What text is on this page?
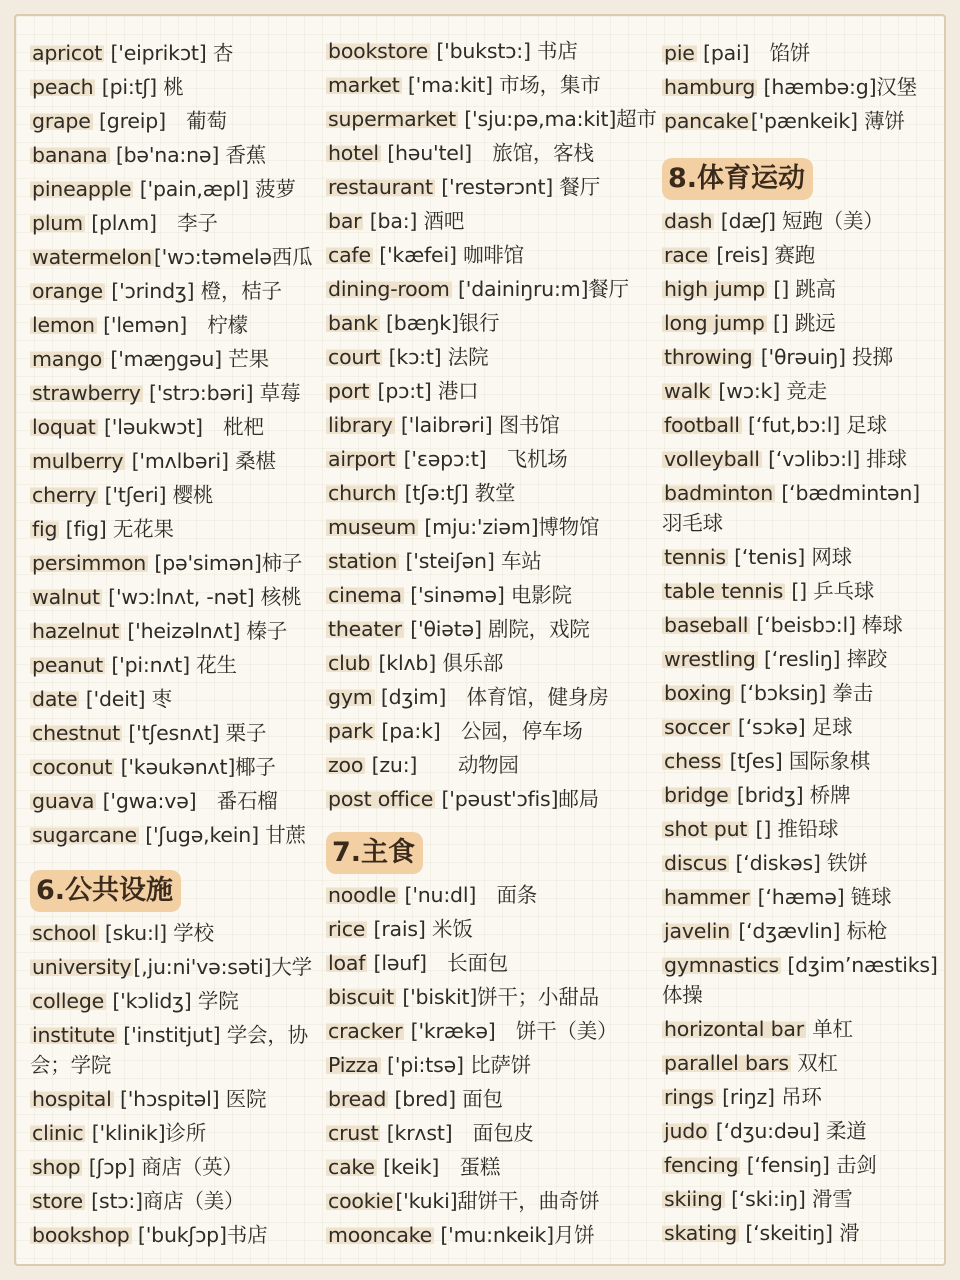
apricot ['eiprikɔt] 杏
peach [pi:tʃ] 桃
grape [greip]　葡萄
banana [bə'na:nə] 香蕉
pineapple ['pain,æpl] 菠萝
plum [plʌm]　李子
watermelon['wɔ:təmelə西瓜
orange ['ɔrindʒ] 橙，桔子
lemon ['lemən]　柠檬
mango ['mæŋgəu] 芒果
strawberry ['strɔ:bəri] 草莓
loquat ['ləukwɔt]　枇杷
mulberry ['mʌlbəri] 桑椹
cherry ['tʃeri] 樱桃
fig [fig] 无花果
persimmon [pə'simən]柿子
walnut ['wɔ:lnʌt, -nət] 核桃
hazelnut ['heizəlnʌt] 榛子
peanut ['pi:nʌt] 花生
date ['deit] 枣
chestnut ['tʃesnʌt] 栗子
coconut ['kəukənʌt]椰子
guava ['gwa:və]　番石榴
sugarcane ['ʃugə,kein] 甘蔗
6.公共设施
school [sku:l] 学校
university[,ju:ni'və:səti]大学
college ['kɔlidʒ] 学院
institute ['institjut] 学会，协会；学院
hospital ['hɔspitəl] 医院
clinic ['klinik]诊所
shop [ʃɔp] 商店（英）
store [stɔ:]商店（美）
bookshop ['bukʃɔp]书店
bookstore ['bukstɔ:] 书店
market ['ma:kit] 市场，集市
supermarket ['sju:pə,ma:kit]超市
hotel [həu'tel]　旅馆，客栈
restaurant ['restərɔnt] 餐厅
bar [ba:] 酒吧
cafe ['kæfei] 咖啡馆
dining-room ['dainiŋru:m]餐厅
bank [bæŋk]银行
court [kɔ:t] 法院
port [pɔ:t] 港口
library ['laibrəri] 图书馆
airport ['ɛəpɔ:t]　飞机场
church [tʃə:tʃ] 教堂
museum [mju:'ziəm]博物馆
station ['steiʃən] 车站
cinema ['sinəmə] 电影院
theater ['θiətə] 剧院，戏院
club [klʌb] 俱乐部
gym [dʒim]　体育馆，健身房
park [pa:k]　公园，停车场
zoo [zu:]　　动物园
post office ['pəust'ɔfis]邮局
7.主食
noodle ['nu:dl]　面条
rice [rais] 米饭
loaf [ləuf]　长面包
biscuit ['biskit]饼干；小甜品
cracker ['krækə]　饼干（美）
Pizza ['pi:tsə] 比萨饼
bread [bred] 面包
crust [krʌst]　面包皮
cake [keik]　蛋糕
cookie['kuki]甜饼干，曲奇饼
mooncake ['mu:nkeik]月饼
pie [pai]　馅饼
hamburg [hæmbə:g]汉堡
pancake['pænkeik] 薄饼
8.体育运动
dash [dæʃ] 短跑（美）
race [reis] 赛跑
high jump [] 跳高
long jump [] 跳远
throwing ['θrəuiŋ] 投掷
walk [wɔ:k] 竞走
football [‘fut,bɔ:l] 足球
volleyball [‘vɔlibɔ:l] 排球
badminton [‘bædmintən] 羽毛球
tennis [‘tenis] 网球
table tennis [] 乒乓球
baseball [‘beisbɔ:l] 棒球
wrestling [‘resliŋ] 摔跤
boxing [‘bɔksiŋ] 拳击
soccer [‘sɔkə] 足球
chess [tʃes] 国际象棋
bridge [bridʒ] 桥牌
shot put [] 推铅球
discus [‘diskəs] 铁饼
hammer [‘hæmə] 链球
javelin [‘dʒævlin] 标枪
gymnastics [dʒim’næstiks] 体操
horizontal bar 单杠
parallel bars 双杠
rings [riŋz] 吊环
judo [‘dʒu:dəu] 柔道
fencing [‘fensiŋ] 击剑
skiing [‘ski:iŋ] 滑雪
skating [‘skeitiŋ] 滑
